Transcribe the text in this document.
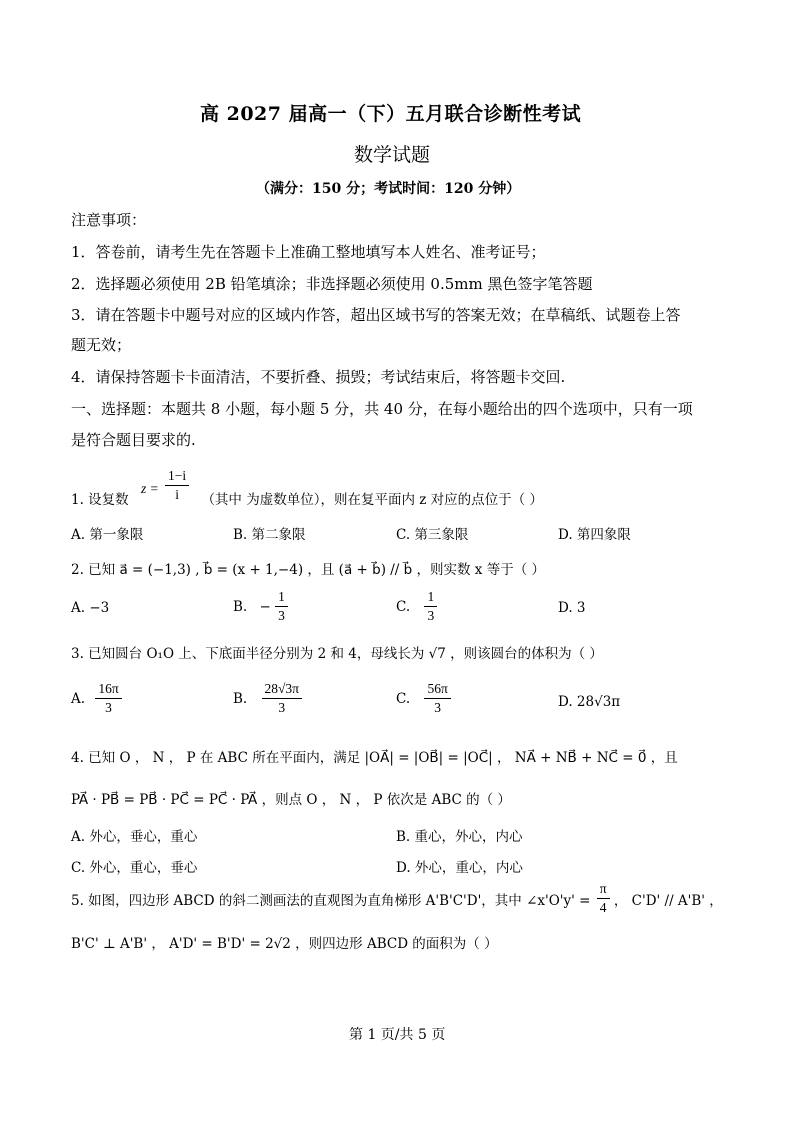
高 2027 届高一（下）五月联合诊断性考试
数学试题
（满分：150 分；考试时间：120 分钟）
注意事项：
1．答卷前，请考生先在答题卡上准确工整地填写本人姓名、准考证号；
2．选择题必须使用 2B 铅笔填涂；非选择题必须使用 0.5mm 黑色签字笔答题
3．请在答题卡中题号对应的区域内作答，超出区域书写的答案无效；在草稿纸、试题卷上答
题无效；
4．请保持答题卡卡面清洁，不要折叠、损毁；考试结束后，将答题卡交回.
一、选择题：本题共 8 小题，每小题 5 分，共 40 分，在每小题给出的四个选项中，只有一项
是符合题目要求的.
1. 设复数 $z = \frac{1-i}{i}$ （其中 为虚数单位），则在复平面内 z 对应的点位于（ ）
A. 第一象限	B. 第二象限	C. 第三象限	D. 第四象限
2. 已知 a⃗ = (−1,3) , b⃗ = (x + 1,−4) ，且 (a⃗ + b⃗) // b⃗ ，则实数 x 等于（ ）
A. −3	B. − $\frac{1}{3}$	C. $\frac{1}{3}$	D. 3
3. 已知圆台 O₁O 上、下底面半径分别为 2 和 4，母线长为 √7 ，则该圆台的体积为（ ）
A. $\frac{16\pi}{3}$	B. $\frac{28√3\pi}{3}$	C. $\frac{56\pi}{3}$	D. 28√3π
4. 已知 O ， N ， P 在 ABC 所在平面内，满足 |OA⃗| = |OB⃗| = |OC⃗| ， NA⃗ + NB⃗ + NC⃗ = 0⃗ ，且
PA⃗ · PB⃗ = PB⃗ · PC⃗ = PC⃗ · PA⃗ ，则点 O ， N ， P 依次是 ABC 的（ ）
A. 外心，垂心，重心	B. 重心，外心，内心
C. 外心，重心，垂心	D. 外心，重心，内心
5. 如图，四边形 ABCD 的斜二测画法的直观图为直角梯形 A'B'C'D'，其中 ∠x'O'y' = $\frac{\pi}{4}$ ， C'D' // A'B' ，
B'C' ⊥ A'B' ， A'D' = B'D' = 2√2 ，则四边形 ABCD 的面积为（ ）
第 1 页/共 5 页
